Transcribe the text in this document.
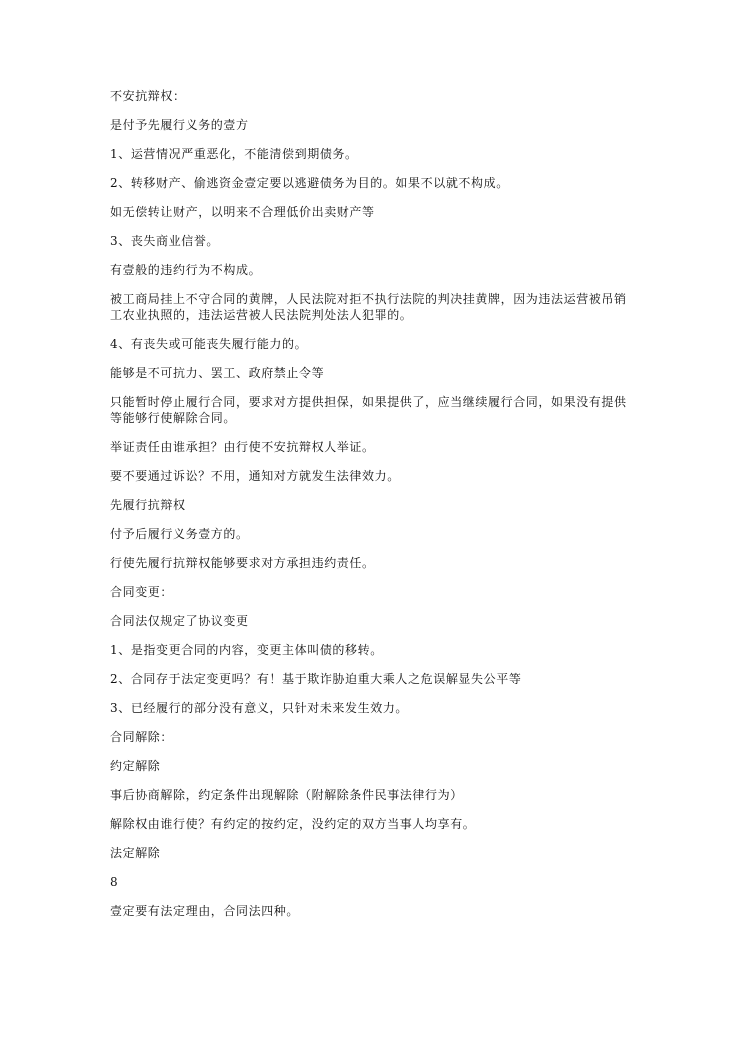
不安抗辩权：

是付予先履行义务的壹方

1、运营情况严重恶化，不能清偿到期债务。

2、转移财产、偷逃资金壹定要以逃避债务为目的。如果不以就不构成。

如无偿转让财产，以明来不合理低价出卖财产等

3、丧失商业信誉。

有壹般的违约行为不构成。

被工商局挂上不守合同的黄牌，人民法院对拒不执行法院的判决挂黄牌，因为违法运营被吊销工农业执照的，违法运营被人民法院判处法人犯罪的。

4、有丧失或可能丧失履行能力的。

能够是不可抗力、罢工、政府禁止令等

只能暂时停止履行合同，要求对方提供担保，如果提供了，应当继续履行合同，如果没有提供等能够行使解除合同。

举证责任由谁承担？由行使不安抗辩权人举证。

要不要通过诉讼？不用，通知对方就发生法律效力。

先履行抗辩权

付予后履行义务壹方的。

行使先履行抗辩权能够要求对方承担违约责任。

合同变更：

合同法仅规定了协议变更

1、是指变更合同的内容，变更主体叫债的移转。

2、合同存于法定变更吗？有！基于欺诈胁迫重大乘人之危误解显失公平等

3、已经履行的部分没有意义，只针对未来发生效力。

合同解除：

约定解除

事后协商解除，约定条件出现解除（附解除条件民事法律行为）

解除权由谁行使？有约定的按约定，没约定的双方当事人均享有。

法定解除

8

壹定要有法定理由，合同法四种。
